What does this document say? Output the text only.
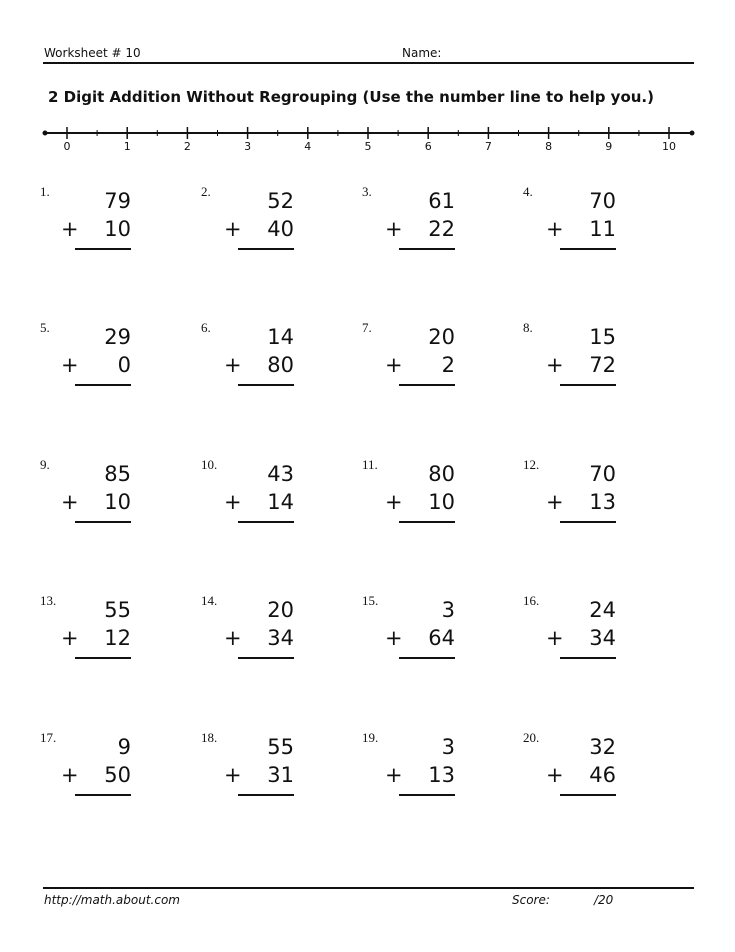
Worksheet # 10	Name:
2 Digit Addition Without Regrouping (Use the number line to help you.)
0	1	2	3	4	5	6	7	8	9	10
1.	79
+ 10
2.	52
+ 40
3.	61
+ 22
4.	70
+ 11
5.	29
+ 0
6.	14
+ 80
7.	20
+ 2
8.	15
+ 72
9.	85
+ 10
10.	43
+ 14
11.	80
+ 10
12.	70
+ 13
13.	55
+ 12
14.	20
+ 34
15.	3
+ 64
16.	24
+ 34
17.	9
+ 50
18.	55
+ 31
19.	3
+ 13
20.	32
+ 46
http://math.about.com	Score:	/20
